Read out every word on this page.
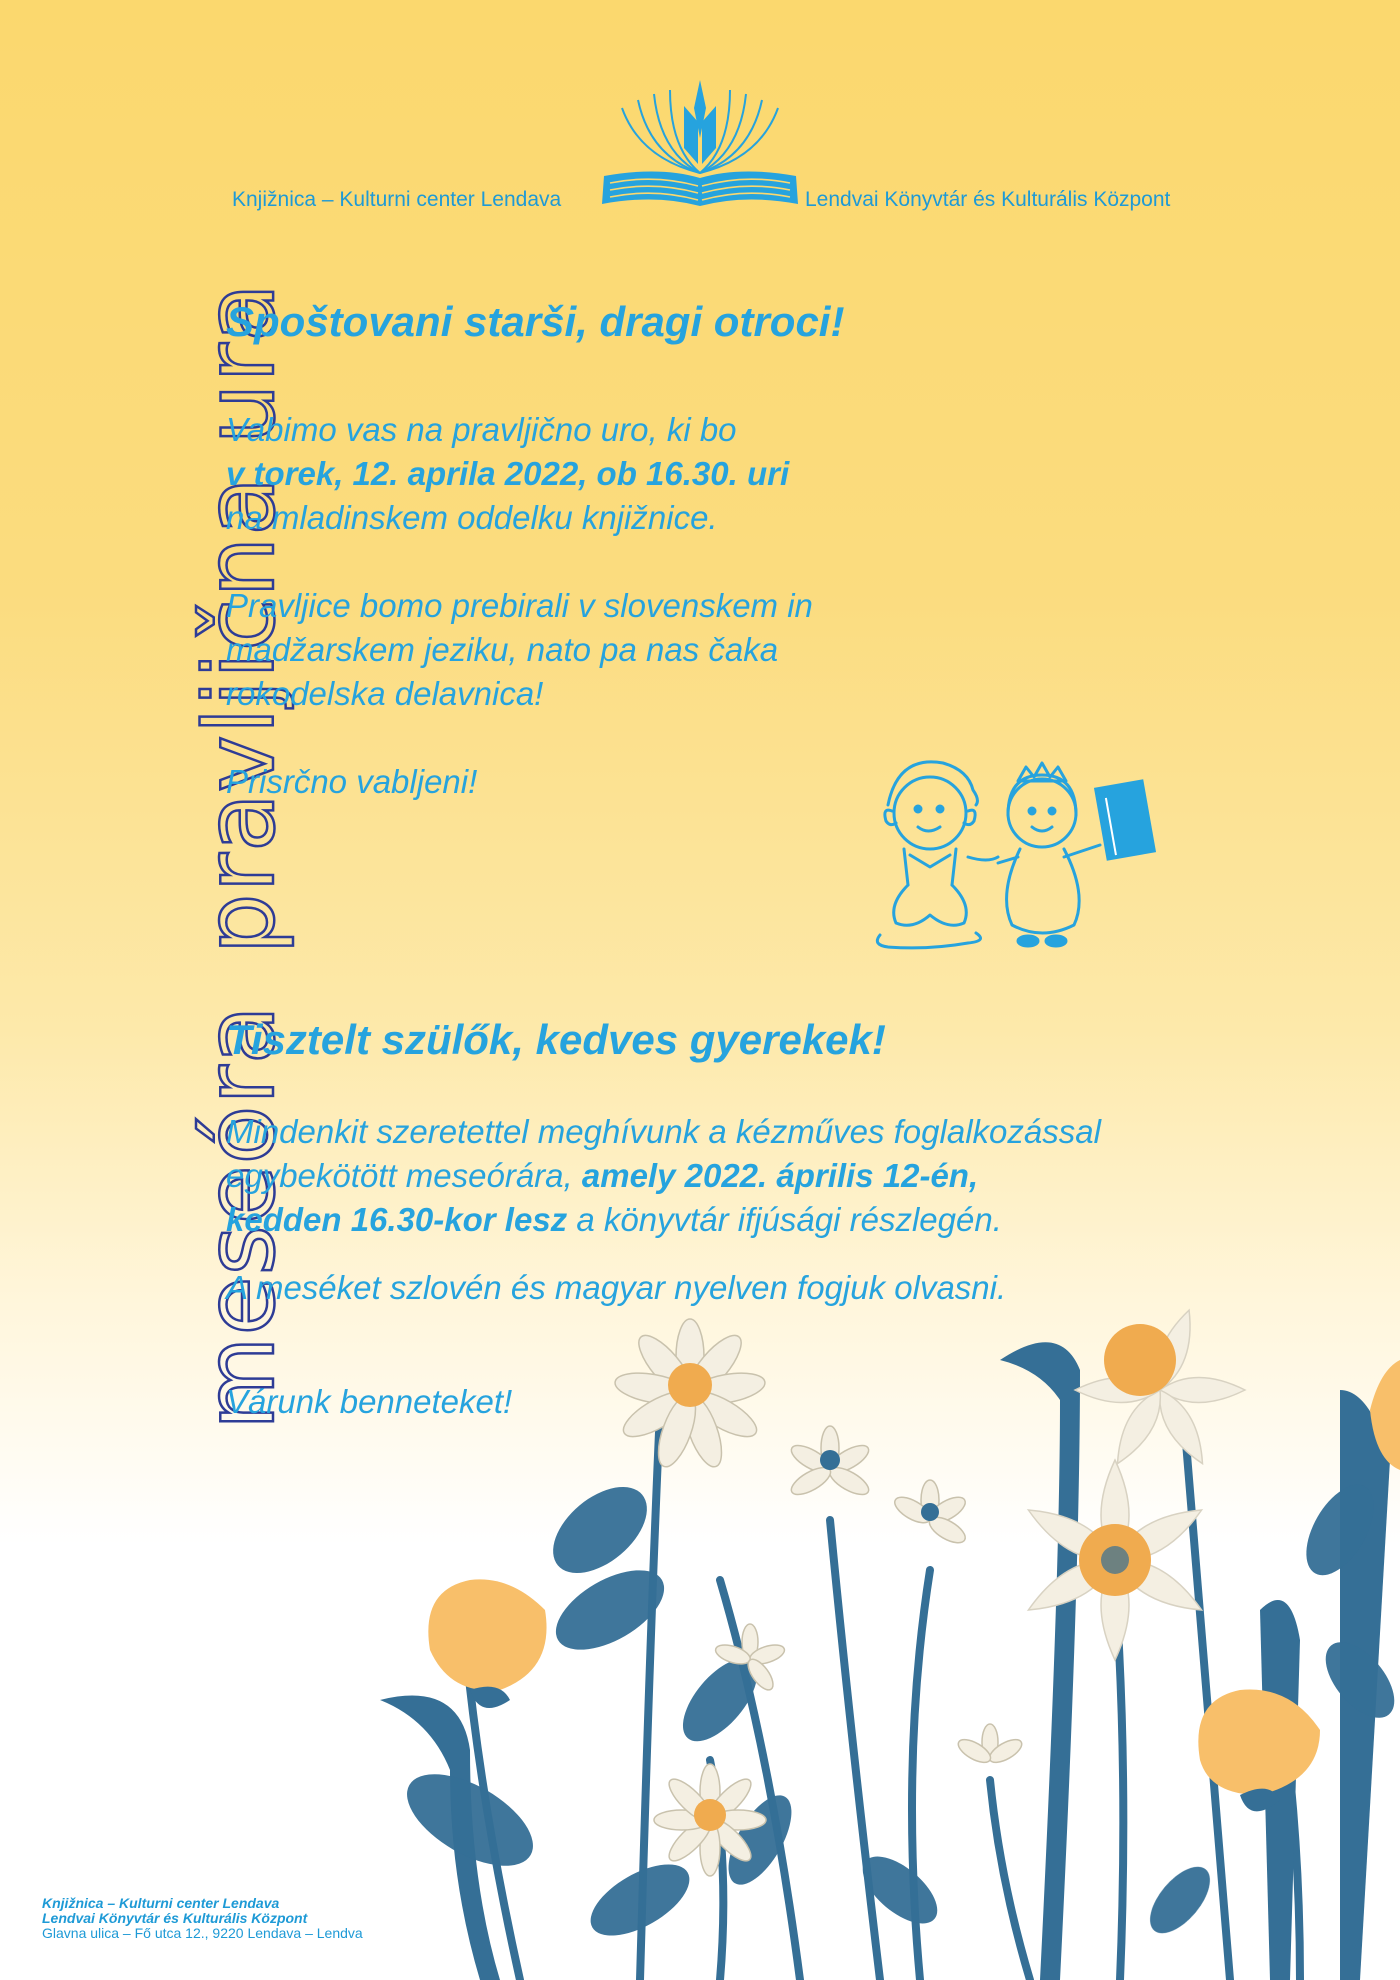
Knjižnica – Kulturni center Lendava	Lendvai Könyvtár és Kulturális Központ
meseórapravljična ura
Spoštovani starši, dragi otroci!
Vabimo vas na pravljično uro, ki bo
v torek, 12. aprila 2022, ob 16.30. uri
na mladinskem oddelku knjižnice.
Pravljice bomo prebirali v slovenskem in
madžarskem jeziku, nato pa nas čaka
rokodelska delavnica!
Prisrčno vabljeni!
Tisztelt szülők, kedves gyerekek!
Mindenkit szeretettel meghívunk a kézműves foglalkozással
egybekötött meseórára, amely 2022. április 12-én,
kedden 16.30-kor lesz a könyvtár ifjúsági részlegén.
A meséket szlovén és magyar nyelven fogjuk olvasni.
Várunk benneteket!
Knjižnica – Kulturni center Lendava
Lendvai Könyvtár és Kulturális Központ
Glavna ulica – Fő utca 12., 9220 Lendava – Lendva
